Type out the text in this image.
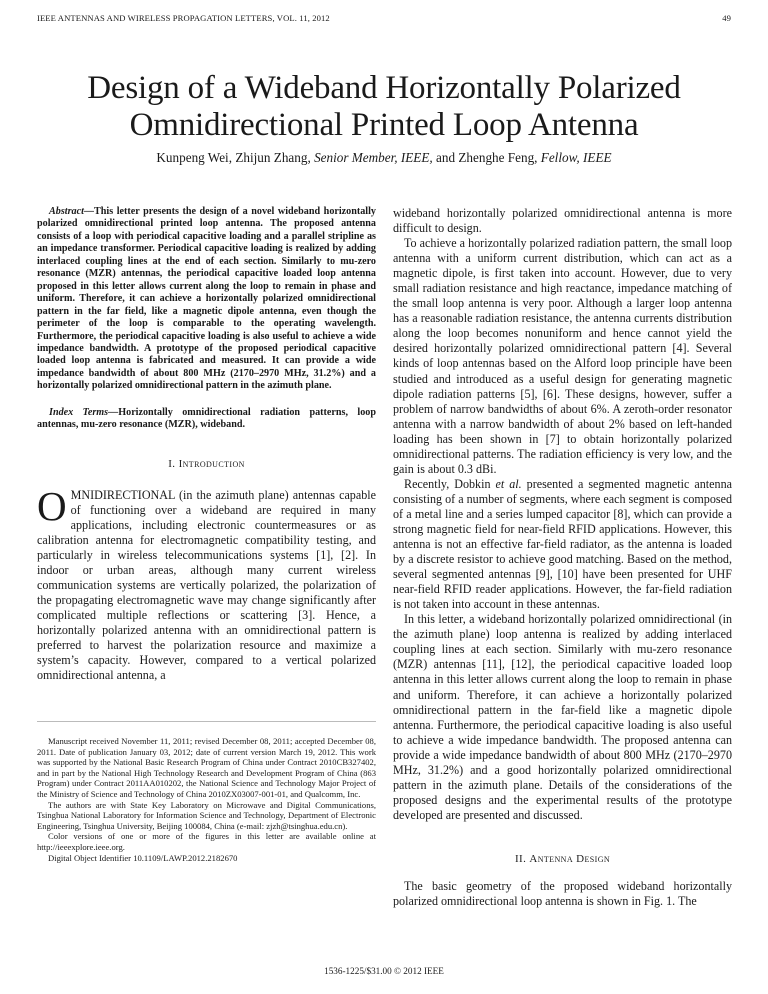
IEEE ANTENNAS AND WIRELESS PROPAGATION LETTERS, VOL. 11, 2012	49
Design of a Wideband Horizontally Polarized
Omnidirectional Printed Loop Antenna
Kunpeng Wei, Zhijun Zhang, Senior Member, IEEE, and Zhenghe Feng, Fellow, IEEE

Abstract—This letter presents the design of a novel wideband horizontally polarized omnidirectional printed loop antenna. The proposed antenna consists of a loop with periodical capacitive loading and a parallel stripline as an impedance transformer. Periodical capacitive loading is realized by adding interlaced coupling lines at the end of each section. Similarly to mu-zero resonance (MZR) antennas, the periodical capacitive loaded loop antenna proposed in this letter allows current along the loop to remain in phase and uniform. Therefore, it can achieve a horizontally polarized omnidirectional pattern in the far field, like a magnetic dipole antenna, even though the perimeter of the loop is comparable to the operating wavelength. Furthermore, the periodical capacitive loading is also useful to achieve a wide impedance bandwidth. A prototype of the proposed periodical capacitive loaded loop antenna is fabricated and measured. It can provide a wide impedance bandwidth of about 800 MHz (2170–2970 MHz, 31.2%) and a horizontally polarized omnidirectional pattern in the azimuth plane.

Index Terms—Horizontally omnidirectional radiation patterns, loop antennas, mu-zero resonance (MZR), wideband.

I. Introduction

OMNIDIRECTIONAL (in the azimuth plane) antennas capable of functioning over a wideband are required in many applications, including electronic countermeasures or as calibration antenna for electromagnetic compatibility testing, and particularly in wireless telecommunications systems [1], [2]. In indoor or urban areas, although many current wireless communication systems are vertically polarized, the polarization of the propagating electromagnetic wave may change significantly after complicated multiple reflections or scattering [3]. Hence, a horizontally polarized antenna with an omnidirectional pattern is preferred to harvest the polarization resource and maximize a system’s capacity. However, compared to a vertical polarized omnidirectional antenna, a

Manuscript received November 11, 2011; revised December 08, 2011; accepted December 08, 2011. Date of publication January 03, 2012; date of current version March 19, 2012. This work was supported by the National Basic Research Program of China under Contract 2010CB327402, and in part by the National High Technology Research and Development Program of China (863 Program) under Contract 2011AA010202, the National Science and Technology Major Project of the Ministry of Science and Technology of China 2010ZX03007-001-01, and Qualcomm, Inc.

The authors are with State Key Laboratory on Microwave and Digital Communications, Tsinghua National Laboratory for Information Science and Technology, Department of Electronic Engineering, Tsinghua University, Beijing 100084, China (e-mail: zjzh@tsinghua.edu.cn).

Color versions of one or more of the figures in this letter are available online at http://ieeexplore.ieee.org.

Digital Object Identifier 10.1109/LAWP.2012.2182670

wideband horizontally polarized omnidirectional antenna is more difficult to design.

To achieve a horizontally polarized radiation pattern, the small loop antenna with a uniform current distribution, which can act as a magnetic dipole, is first taken into account. However, due to very small radiation resistance and high reactance, impedance matching of the small loop antenna is very poor. Although a larger loop antenna has a reasonable radiation resistance, the antenna currents distribution along the loop becomes nonuniform and hence cannot yield the desired horizontally polarized omnidirectional pattern [4]. Several kinds of loop antennas based on the Alford loop principle have been studied and introduced as a useful design for generating magnetic dipole radiation patterns [5], [6]. These designs, however, suffer a problem of narrow bandwidths of about 6%. A zeroth-order resonator antenna with a narrow bandwidth of about 2% based on left-handed loading has been shown in [7] to obtain horizontally polarized omnidirectional patterns. The radiation efficiency is very low, and the gain is about 0.3 dBi.

Recently, Dobkin et al. presented a segmented magnetic antenna consisting of a number of segments, where each segment is composed of a metal line and a series lumped capacitor [8], which can provide a strong magnetic field for near-field RFID applications. However, this antenna is not an effective far-field radiator, as the antenna is loaded by a discrete resistor to achieve good matching. Based on the method, several segmented antennas [9], [10] have been presented for UHF near-field RFID reader applications. However, the far-field radiation is not taken into account in these antennas.

In this letter, a wideband horizontally polarized omnidirectional (in the azimuth plane) loop antenna is realized by adding interlaced coupling lines at each section. Similarly with mu-zero resonance (MZR) antennas [11], [12], the periodical capacitive loaded loop antenna in this letter allows current along the loop to remain in phase and uniform. Therefore, it can achieve a horizontally polarized omnidirectional pattern in the far-field like a magnetic dipole antenna. Furthermore, the periodical capacitive loading is also useful to achieve a wide impedance bandwidth. The proposed antenna can provide a wide impedance bandwidth of about 800 MHz (2170–2970 MHz, 31.2%) and a good horizontally polarized omnidirectional pattern in the azimuth plane. Details of the considerations of the proposed designs and the experimental results of the prototype developed are presented and discussed.

II. Antenna Design

The basic geometry of the proposed wideband horizontally polarized omnidirectional loop antenna is shown in Fig. 1. The

1536-1225/$31.00 © 2012 IEEE
